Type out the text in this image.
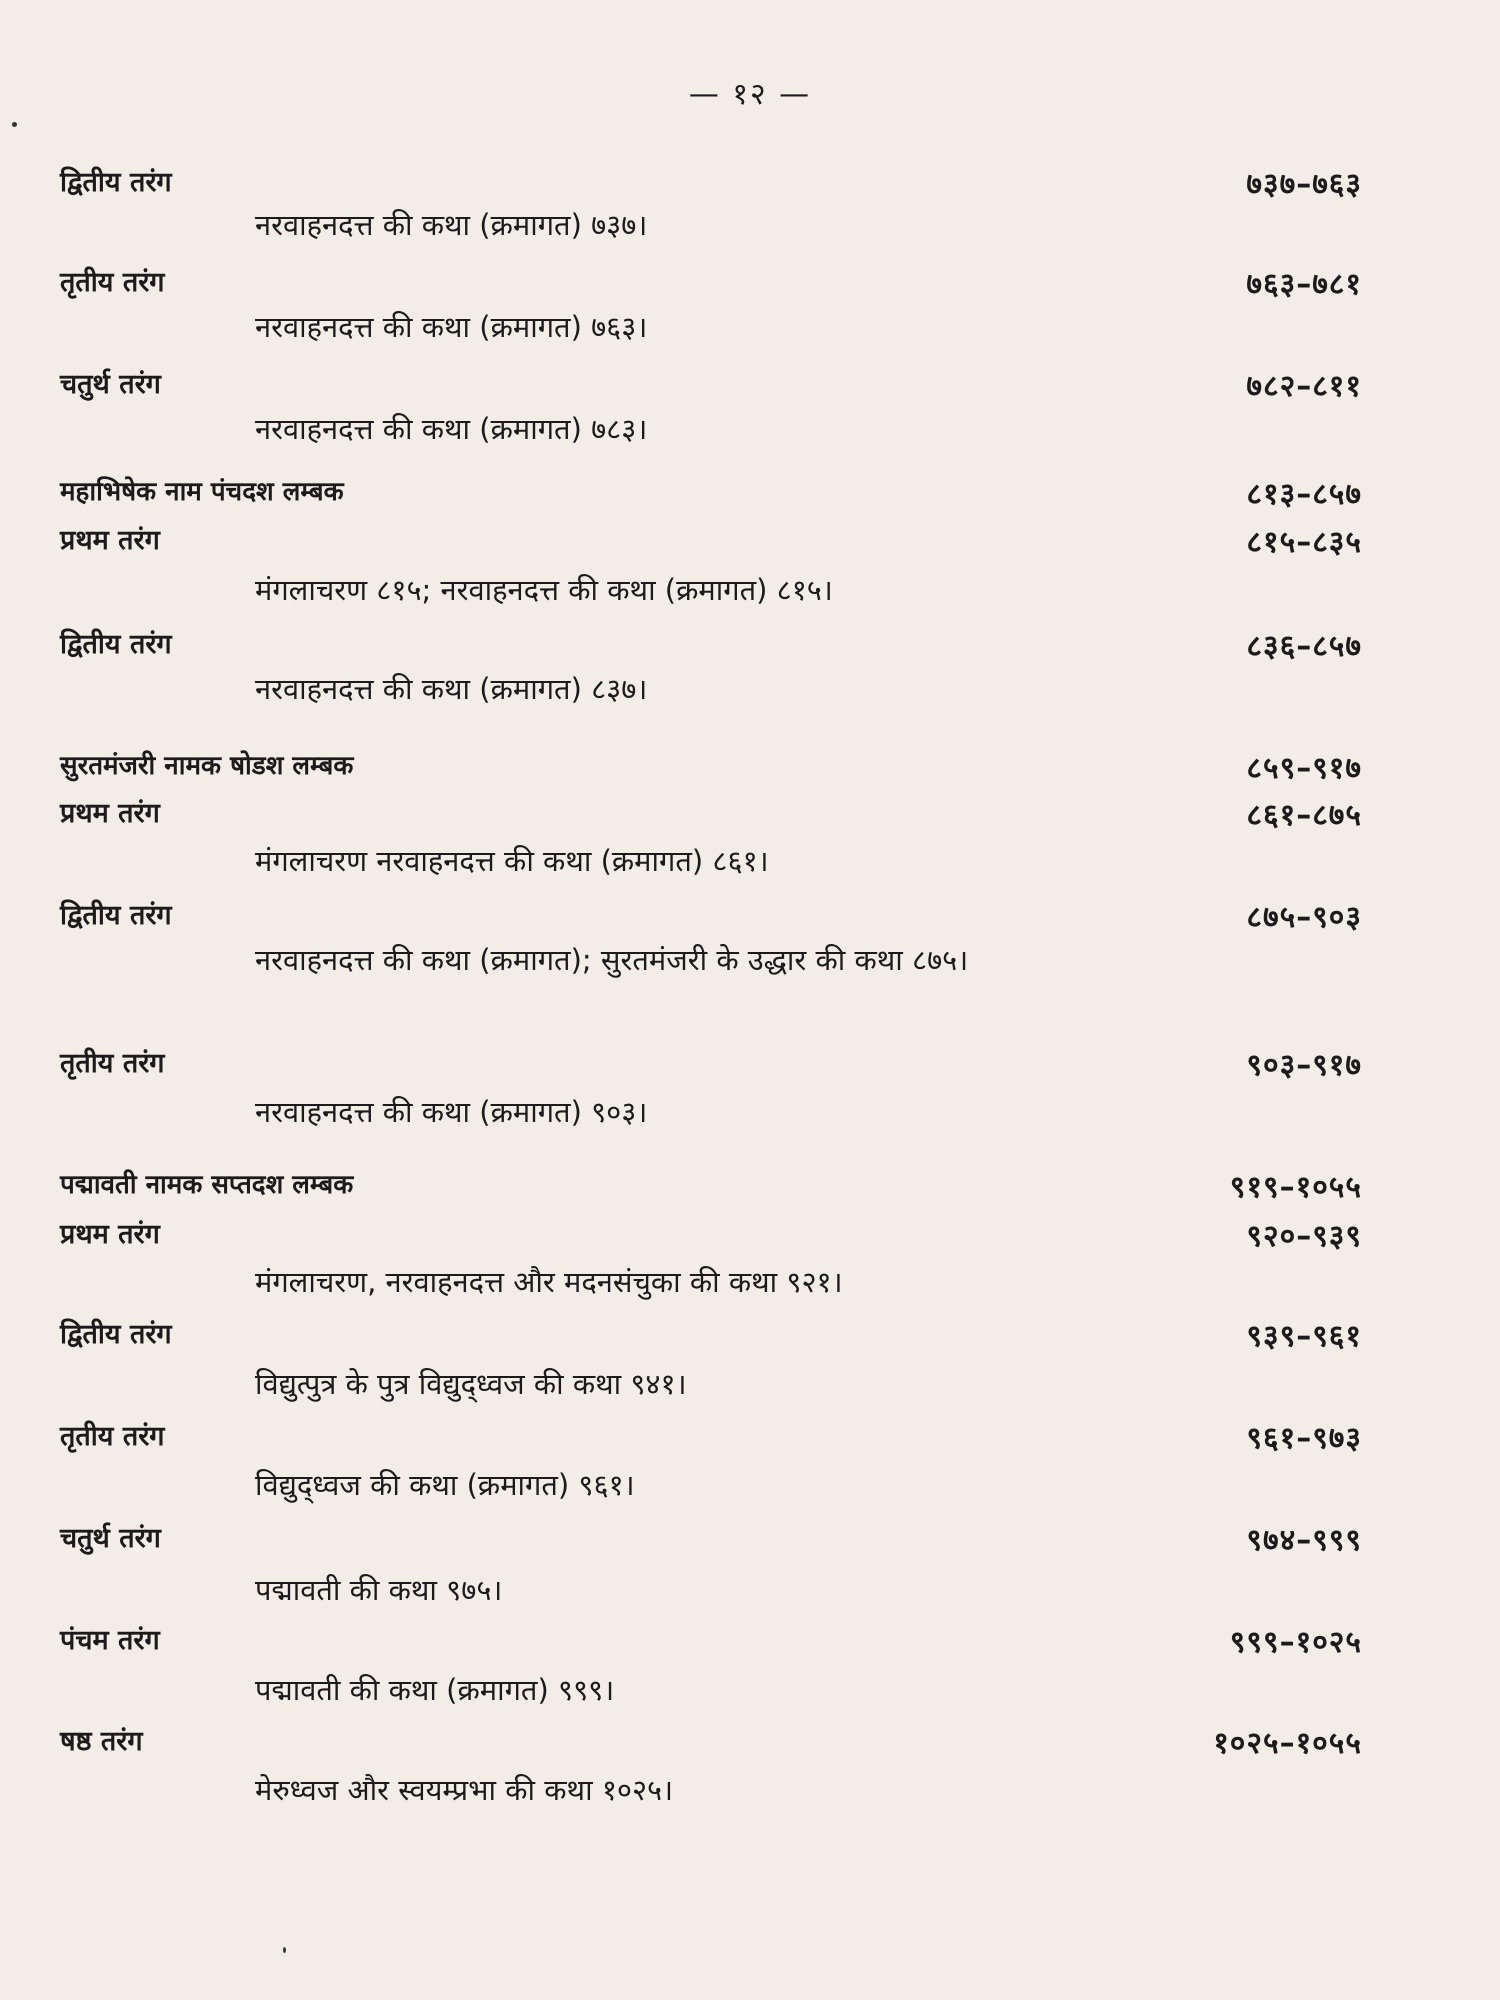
— १२ —
द्वितीय तरंग	७३७–७६३
नरवाहनदत्त की कथा (क्रमागत) ७३७।
तृतीय तरंग	७६३–७८१
नरवाहनदत्त की कथा (क्रमागत) ७६३।
चतुर्थ तरंग	७८२–८११
नरवाहनदत्त की कथा (क्रमागत) ७८३।
महाभिषेक नाम पंचदश लम्बक	८१३–८५७
प्रथम तरंग	८१५–८३५
मंगलाचरण ८१५; नरवाहनदत्त की कथा (क्रमागत) ८१५।
द्वितीय तरंग	८३६–८५७
नरवाहनदत्त की कथा (क्रमागत) ८३७।
सुरतमंजरी नामक षोडश लम्बक	८५९–९१७
प्रथम तरंग	८६१–८७५
मंगलाचरण नरवाहनदत्त की कथा (क्रमागत) ८६१।
द्वितीय तरंग	८७५–९०३
नरवाहनदत्त की कथा (क्रमागत); सुरतमंजरी के उद्धार की कथा ८७५।
तृतीय तरंग	९०३–९१७
नरवाहनदत्त की कथा (क्रमागत) ९०३।
पद्मावती नामक सप्तदश लम्बक	९१९–१०५५
प्रथम तरंग	९२०–९३९
मंगलाचरण, नरवाहनदत्त और मदनसंचुका की कथा ९२१।
द्वितीय तरंग	९३९–९६१
विद्युत्पुत्र के पुत्र विद्युद्ध्वज की कथा ९४१।
तृतीय तरंग	९६१–९७३
विद्युद्ध्वज की कथा (क्रमागत) ९६१।
चतुर्थ तरंग	९७४–९९९
पद्मावती की कथा ९७५।
पंचम तरंग	९९९–१०२५
पद्मावती की कथा (क्रमागत) ९९९।
षष्ठ तरंग	१०२५–१०५५
मेरुध्वज और स्वयम्प्रभा की कथा १०२५।
